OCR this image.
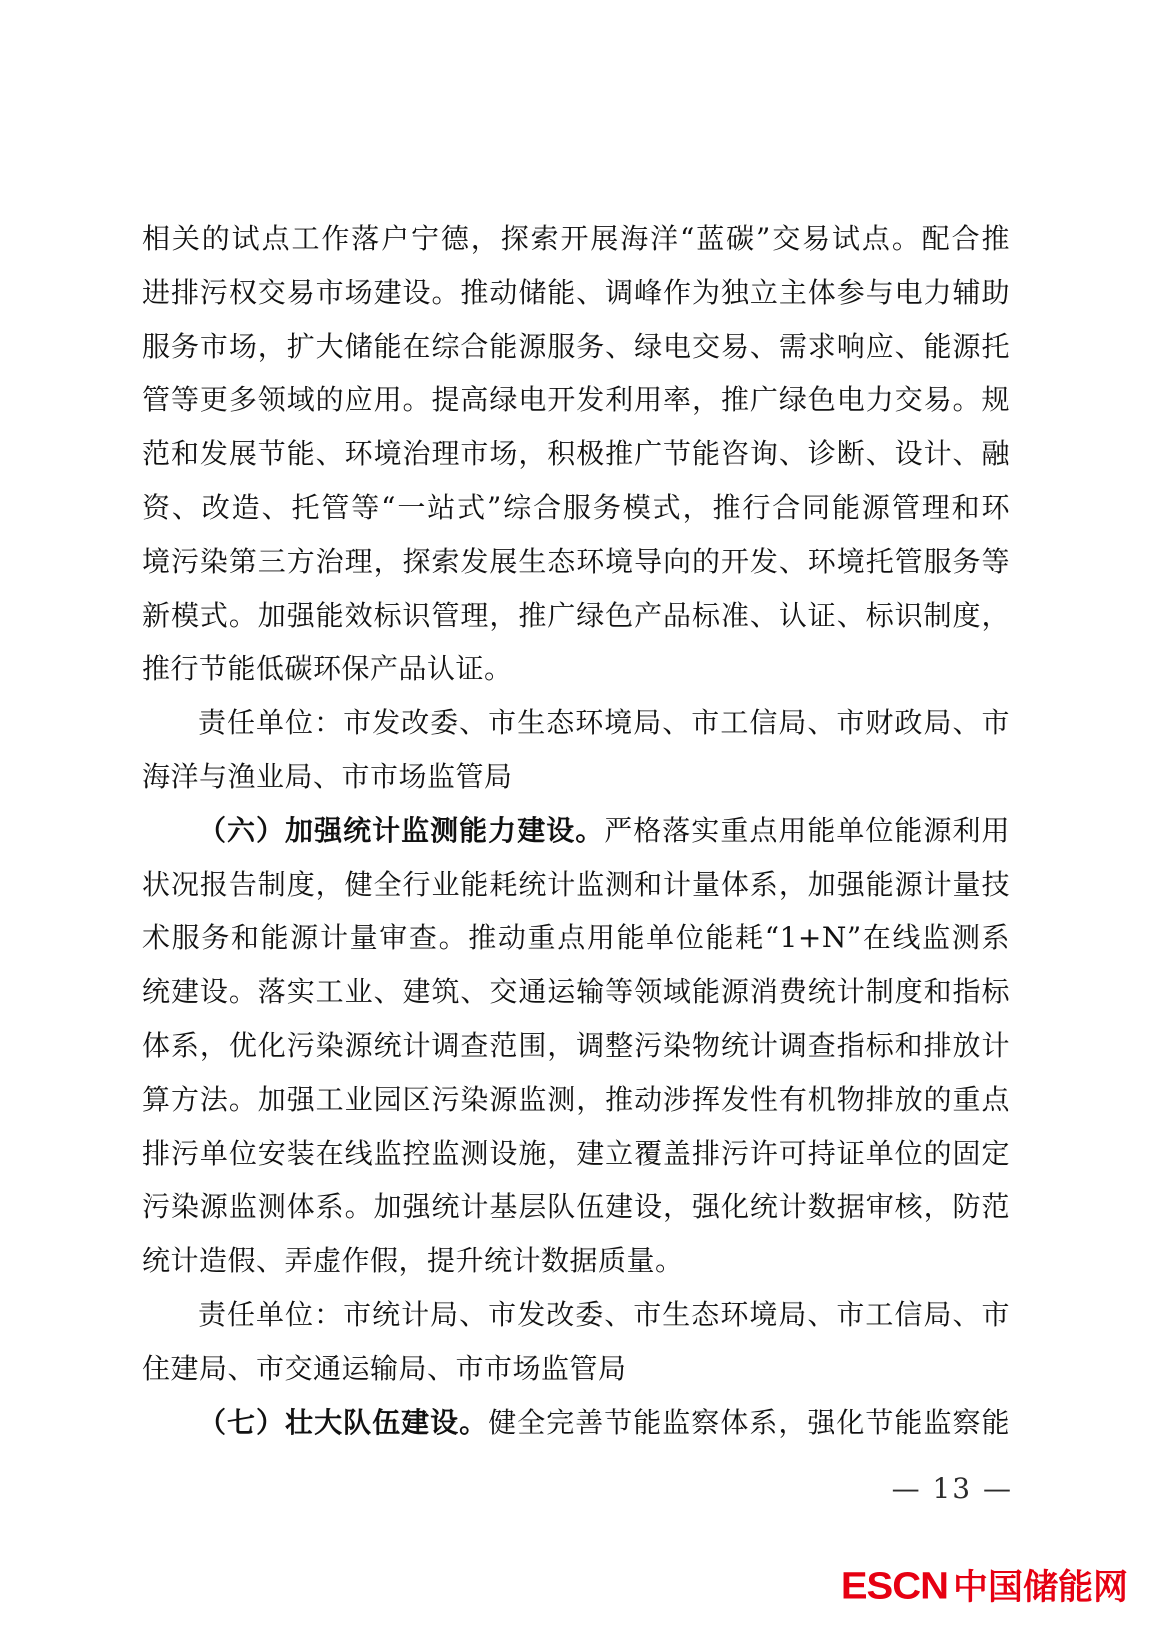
相关的试点工作落户宁德，探索开展海洋“蓝碳”交易试点。配合推
进排污权交易市场建设。推动储能、调峰作为独立主体参与电力辅助
服务市场，扩大储能在综合能源服务、绿电交易、需求响应、能源托
管等更多领域的应用。提高绿电开发利用率，推广绿色电力交易。规
范和发展节能、环境治理市场，积极推广节能咨询、诊断、设计、融
资、改造、托管等“一站式”综合服务模式，推行合同能源管理和环
境污染第三方治理，探索发展生态环境导向的开发、环境托管服务等
新模式。加强能效标识管理，推广绿色产品标准、认证、标识制度，
推行节能低碳环保产品认证。
责任单位：市发改委、市生态环境局、市工信局、市财政局、市
海洋与渔业局、市市场监管局
（六）加强统计监测能力建设。严格落实重点用能单位能源利用
状况报告制度，健全行业能耗统计监测和计量体系，加强能源计量技
术服务和能源计量审查。推动重点用能单位能耗“1+N”在线监测系
统建设。落实工业、建筑、交通运输等领域能源消费统计制度和指标
体系，优化污染源统计调查范围，调整污染物统计调查指标和排放计
算方法。加强工业园区污染源监测，推动涉挥发性有机物排放的重点
排污单位安装在线监控监测设施，建立覆盖排污许可持证单位的固定
污染源监测体系。加强统计基层队伍建设，强化统计数据审核，防范
统计造假、弄虚作假，提升统计数据质量。
责任单位：市统计局、市发改委、市生态环境局、市工信局、市
住建局、市交通运输局、市市场监管局
（七）壮大队伍建设。健全完善节能监察体系，强化节能监察能
— 13 —
ESCN 中国储能网
